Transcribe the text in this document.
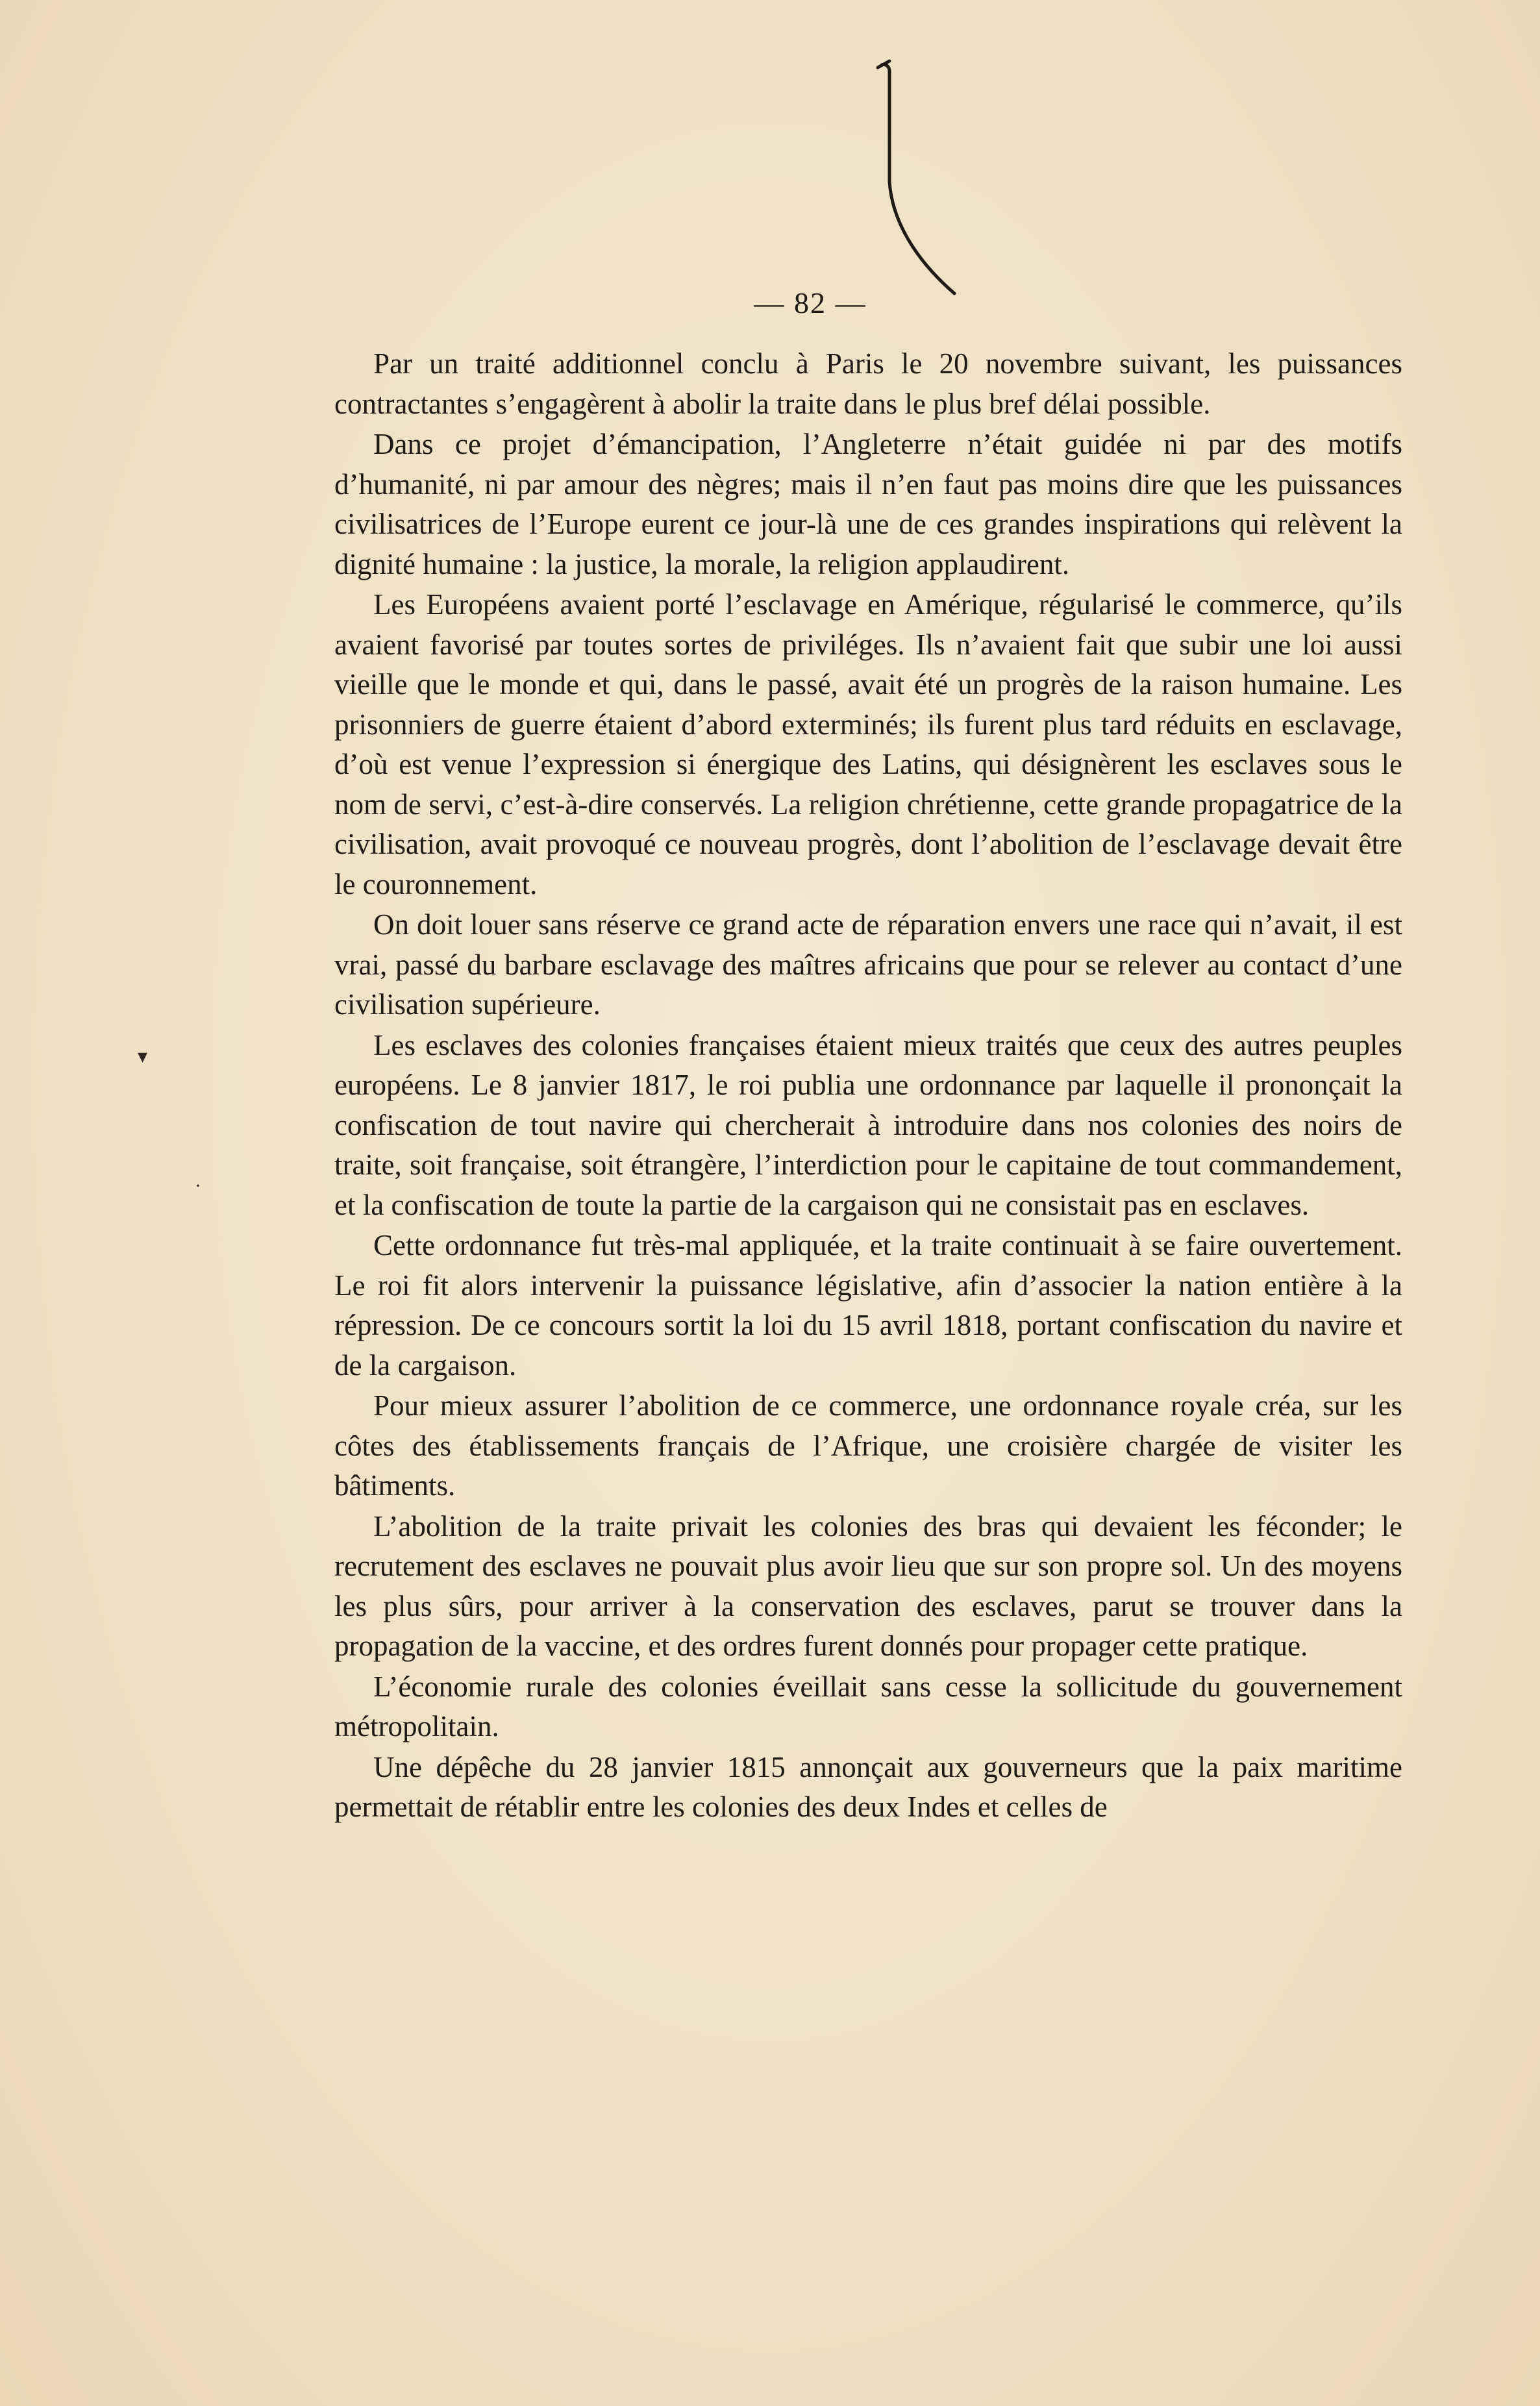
— 82 —

Par un traité additionnel conclu à Paris le 20 novembre suivant, les puissances contractantes s’engagèrent à abolir la traite dans le plus bref délai possible.

Dans ce projet d’émancipation, l’Angleterre n’était guidée ni par des motifs d’humanité, ni par amour des nègres; mais il n’en faut pas moins dire que les puissances civilisatrices de l’Europe eurent ce jour-là une de ces grandes inspirations qui relèvent la dignité humaine : la justice, la morale, la religion applaudirent.

Les Européens avaient porté l’esclavage en Amérique, régularisé le commerce, qu’ils avaient favorisé par toutes sortes de priviléges. Ils n’avaient fait que subir une loi aussi vieille que le monde et qui, dans le passé, avait été un progrès de la raison humaine. Les prisonniers de guerre étaient d’abord exterminés; ils furent plus tard réduits en esclavage, d’où est venue l’expression si énergique des Latins, qui désignèrent les esclaves sous le nom de servi, c’est-à-dire conservés. La religion chrétienne, cette grande propagatrice de la civilisation, avait provoqué ce nouveau progrès, dont l’abolition de l’esclavage devait être le couronnement.

On doit louer sans réserve ce grand acte de réparation envers une race qui n’avait, il est vrai, passé du barbare esclavage des maîtres africains que pour se relever au contact d’une civilisation supérieure.

Les esclaves des colonies françaises étaient mieux traités que ceux des autres peuples européens. Le 8 janvier 1817, le roi publia une ordonnance par laquelle il prononçait la confiscation de tout navire qui chercherait à introduire dans nos colonies des noirs de traite, soit française, soit étrangère, l’interdiction pour le capitaine de tout commandement, et la confiscation de toute la partie de la cargaison qui ne consistait pas en esclaves.

Cette ordonnance fut très-mal appliquée, et la traite continuait à se faire ouvertement. Le roi fit alors intervenir la puissance législative, afin d’associer la nation entière à la répression. De ce concours sortit la loi du 15 avril 1818, portant confiscation du navire et de la cargaison.

Pour mieux assurer l’abolition de ce commerce, une ordonnance royale créa, sur les côtes des établissements français de l’Afrique, une croisière chargée de visiter les bâtiments.

L’abolition de la traite privait les colonies des bras qui devaient les féconder; le recrutement des esclaves ne pouvait plus avoir lieu que sur son propre sol. Un des moyens les plus sûrs, pour arriver à la conservation des esclaves, parut se trouver dans la propagation de la vaccine, et des ordres furent donnés pour propager cette pratique.

L’économie rurale des colonies éveillait sans cesse la sollicitude du gouvernement métropolitain.

Une dépêche du 28 janvier 1815 annonçait aux gouverneurs que la paix maritime permettait de rétablir entre les colonies des deux Indes et celles de

▾
·
